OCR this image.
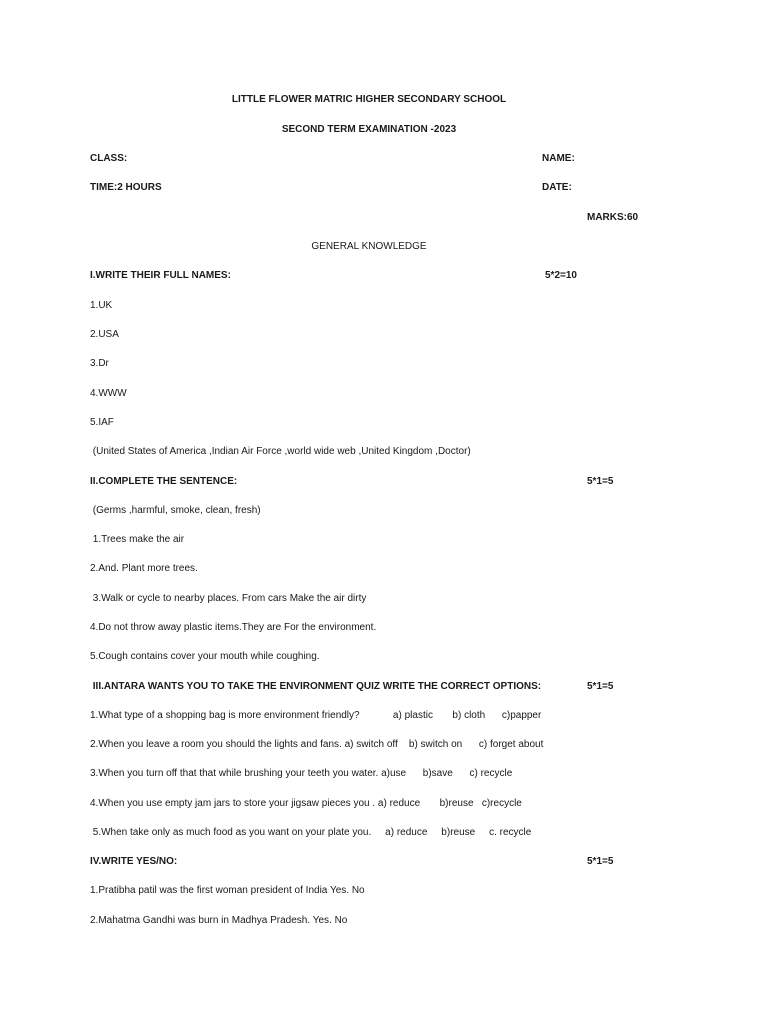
LITTLE FLOWER MATRIC HIGHER SECONDARY SCHOOL
SECOND TERM EXAMINATION -2023
CLASS:	NAME:
TIME:2 HOURS	DATE:
MARKS:60
GENERAL KNOWLEDGE
I.WRITE THEIR FULL NAMES:	5*2=10
1.UK
2.USA
3.Dr
4.WWW
5.IAF
(United States of America ,Indian Air Force ,world wide web ,United Kingdom ,Doctor)
II.COMPLETE THE SENTENCE:	5*1=5
(Germs ,harmful, smoke, clean, fresh)
1.Trees make the air
2.And. Plant more trees.
3.Walk or cycle to nearby places. From cars Make the air dirty
4.Do not throw away plastic items.They are For the environment.
5.Cough contains cover your mouth while coughing.
III.ANTARA WANTS YOU TO TAKE THE ENVIRONMENT QUIZ WRITE THE CORRECT OPTIONS:	5*1=5
1.What type of a shopping bag is more environment friendly?            a) plastic       b) cloth      c)papper
2.When you leave a room you should the lights and fans. a) switch off    b) switch on      c) forget about
3.When you turn off that that while brushing your teeth you water. a)use      b)save      c) recycle
4.When you use empty jam jars to store your jigsaw pieces you . a) reduce       b)reuse   c)recycle
5.When take only as much food as you want on your plate you.     a) reduce     b)reuse     c. recycle
IV.WRITE YES/NO:	5*1=5
1.Pratibha patil was the first woman president of India Yes. No
2.Mahatma Gandhi was burn in Madhya Pradesh. Yes. No
